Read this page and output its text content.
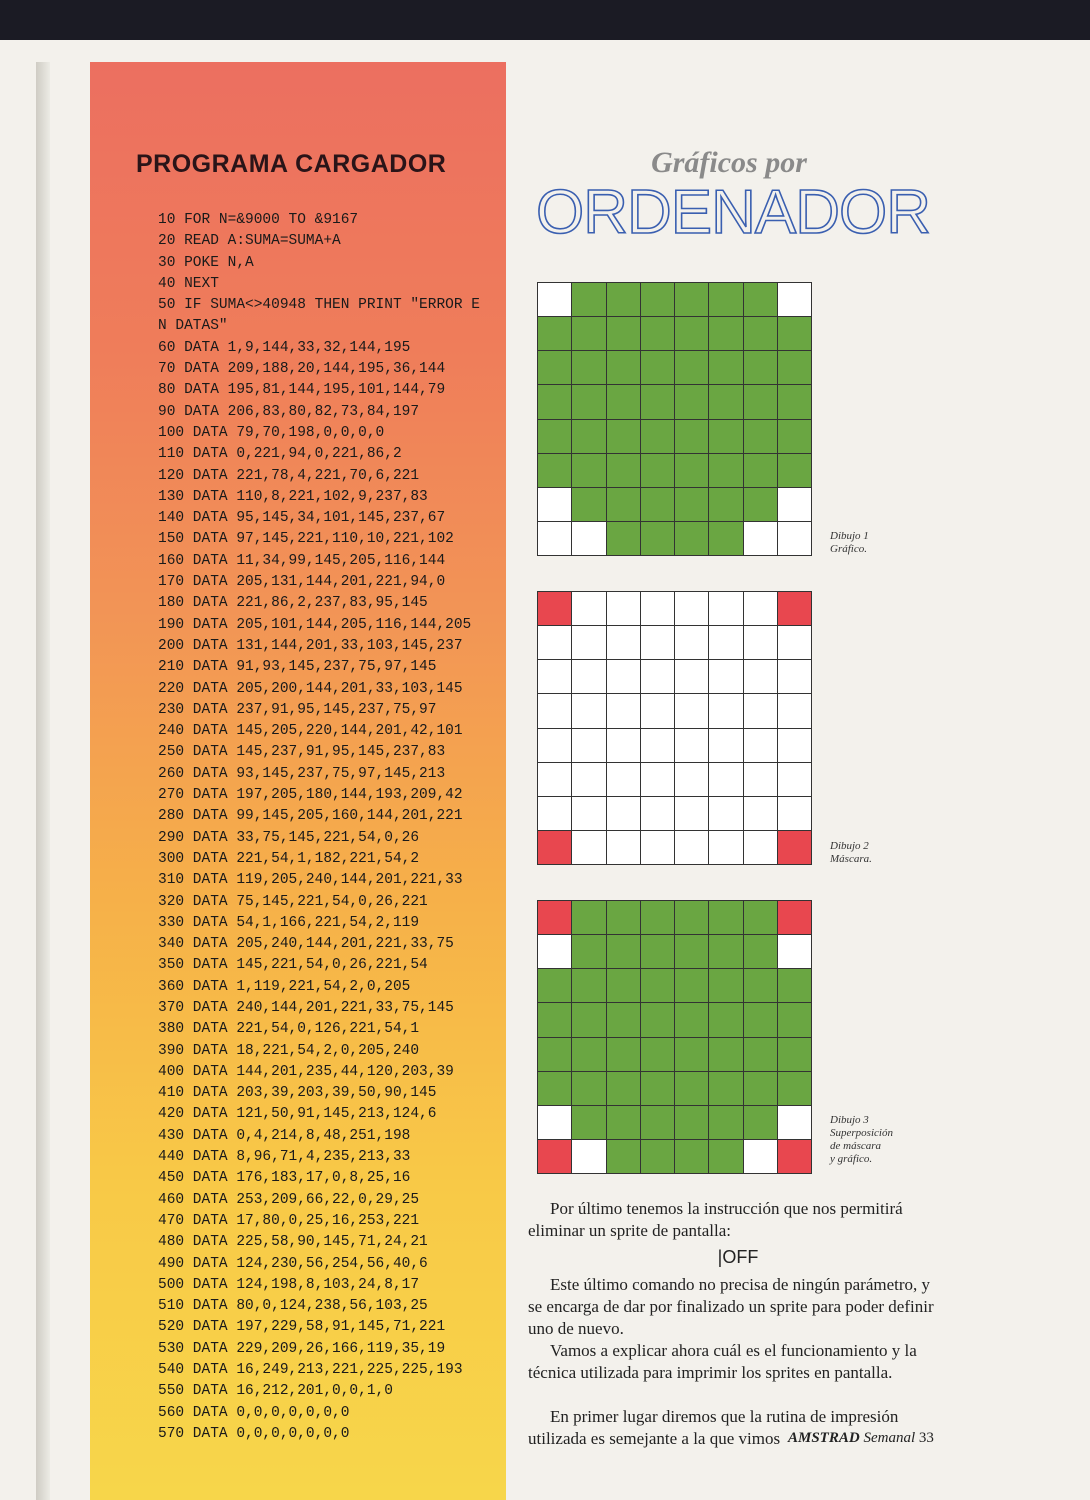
PROGRAMA CARGADOR
10 FOR N=&9000 TO &9167
20 READ A:SUMA=SUMA+A
30 POKE N,A
40 NEXT
50 IF SUMA<>40948 THEN PRINT "ERROR E
N DATAS"
60 DATA 1,9,144,33,32,144,195
70 DATA 209,188,20,144,195,36,144
80 DATA 195,81,144,195,101,144,79
90 DATA 206,83,80,82,73,84,197
100 DATA 79,70,198,0,0,0,0
110 DATA 0,221,94,0,221,86,2
120 DATA 221,78,4,221,70,6,221
130 DATA 110,8,221,102,9,237,83
140 DATA 95,145,34,101,145,237,67
150 DATA 97,145,221,110,10,221,102
160 DATA 11,34,99,145,205,116,144
170 DATA 205,131,144,201,221,94,0
180 DATA 221,86,2,237,83,95,145
190 DATA 205,101,144,205,116,144,205
200 DATA 131,144,201,33,103,145,237
210 DATA 91,93,145,237,75,97,145
220 DATA 205,200,144,201,33,103,145
230 DATA 237,91,95,145,237,75,97
240 DATA 145,205,220,144,201,42,101
250 DATA 145,237,91,95,145,237,83
260 DATA 93,145,237,75,97,145,213
270 DATA 197,205,180,144,193,209,42
280 DATA 99,145,205,160,144,201,221
290 DATA 33,75,145,221,54,0,26
300 DATA 221,54,1,182,221,54,2
310 DATA 119,205,240,144,201,221,33
320 DATA 75,145,221,54,0,26,221
330 DATA 54,1,166,221,54,2,119
340 DATA 205,240,144,201,221,33,75
350 DATA 145,221,54,0,26,221,54
360 DATA 1,119,221,54,2,0,205
370 DATA 240,144,201,221,33,75,145
380 DATA 221,54,0,126,221,54,1
390 DATA 18,221,54,2,0,205,240
400 DATA 144,201,235,44,120,203,39
410 DATA 203,39,203,39,50,90,145
420 DATA 121,50,91,145,213,124,6
430 DATA 0,4,214,8,48,251,198
440 DATA 8,96,71,4,235,213,33
450 DATA 176,183,17,0,8,25,16
460 DATA 253,209,66,22,0,29,25
470 DATA 17,80,0,25,16,253,221
480 DATA 225,58,90,145,71,24,21
490 DATA 124,230,56,254,56,40,6
500 DATA 124,198,8,103,24,8,17
510 DATA 80,0,124,238,56,103,25
520 DATA 197,229,58,91,145,71,221
530 DATA 229,209,26,166,119,35,19
540 DATA 16,249,213,221,225,225,193
550 DATA 16,212,201,0,0,1,0
560 DATA 0,0,0,0,0,0,0
570 DATA 0,0,0,0,0,0,0
Gráficos por
ORDENADOR

Dibujo 1
Gráfico.

Dibujo 2
Máscara.

Dibujo 3
Superposición
de máscara
y gráfico.

Por último tenemos la instrucción que nos permitirá eliminar un sprite de pantalla:

|OFF

Este último comando no precisa de ningún parámetro, y se encarga de dar por finalizado un sprite para poder definir uno de nuevo.

Vamos a explicar ahora cuál es el funcionamiento y la técnica utilizada para imprimir los sprites en pantalla.

En primer lugar diremos que la rutina de impresión utilizada es semejante a la que vimos AMSTRAD Semanal 33
